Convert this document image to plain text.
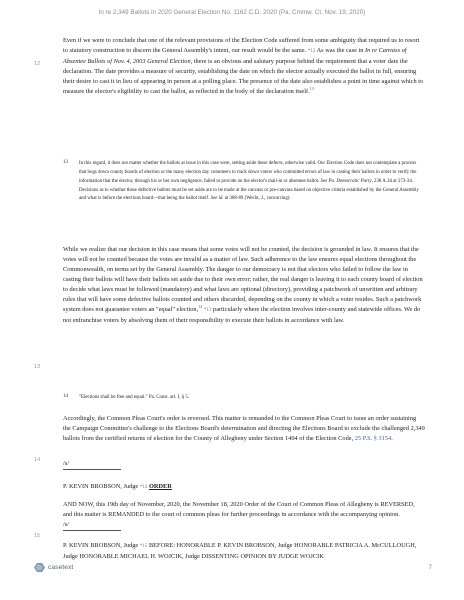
In re 2,349 Ballots in 2020 General Election No. 1162 C.D. 2020 (Pa. Cmmw. Ct. Nov. 19, 2020)
12
13
14
15
Even if we were to conclude that one of the relevant provisions of the Election Code suffered from some ambiguity that required us to resort to statutory construction to discern the General Assembly's intent, our result would be the same. *12 As was the case in In re Canvass of Absentee Ballots of Nov. 4, 2003 General Election, there is an obvious and salutary purpose behind the requirement that a voter date the declaration. The date provides a measure of security, establishing the date on which the elector actually executed the ballot in full, ensuring their desire to cast it in lieu of appearing in person at a polling place. The presence of the date also establishes a point in time against which to measure the elector's eligibility to cast the ballot, as reflected in the body of the declaration itself.$^{13}$
13 In this regard, it does not matter whether the ballots at issue in this case were, setting aside these defects, otherwise valid. Our Election Code does not contemplate a process that bogs down county boards of election or the many election day volunteers to track down voters who committed errors of law in casting their ballots in order to verify the information that the elector, through his or her own negligence, failed to provide on the elector's mail-in or absentee ballot. See Pa. Democratic Party, 238 A.3d at 373-34. Decisions as to whether these defective ballots must be set aside are to be made at the canvass or pre-canvass based on objective criteria established by the General Assembly and what is before the elections board—that being the ballot itself. See id. at 388-89 (Wecht, J., concurring).
While we realize that our decision in this case means that some votes will not be counted, the decision is grounded in law. It ensures that the votes will not be counted because the votes are invalid as a matter of law. Such adherence to the law ensures equal elections throughout the Commonwealth, on terms set by the General Assembly. The danger to our democracy is not that electors who failed to follow the law in casting their ballots will have their ballots set aside due to their own error; rather, the real danger is leaving it to each county board of election to decide what laws must be followed (mandatory) and what laws are optional (directory), providing a patchwork of unwritten and arbitrary rules that will have some defective ballots counted and others discarded, depending on the county in which a voter resides. Such a patchwork system does not guarantee voters an "equal" election,$^{14}$ *13 particularly where the election involves inter-county and statewide offices. We do not enfranchise voters by absolving them of their responsibility to execute their ballots in accordance with law.
14 "Elections shall be free and equal." Pa. Const. art. I, § 5.
Accordingly, the Common Pleas Court's order is reversed. This matter is remanded to the Common Pleas Court to issue an order sustaining the Campaign Committee's challenge to the Elections Board's determination and directing the Elections Board to exclude the challenged 2,349 ballots from the certified returns of election for the County of Allegheny under Section 1404 of the Election Code, 25 P.S. § 3154.
/s/
P. KEVIN BROBSON, Judge *14 ORDER
AND NOW, this 19th day of November, 2020, the November 18, 2020 Order of the Court of Common Pleas of Allegheny is REVERSED, and this matter is REMANDED to the court of common pleas for further proceedings in accordance with the accompanying opinion.
/s/
P. KEVIN BROBSON, Judge *15 BEFORE: HONORABLE P. KEVIN BROBSON, Judge HONORABLE PATRICIA A. McCULLOUGH, Judge HONORABLE MICHAEL H. WOJCIK, Judge DISSENTING OPINION BY JUDGE WOJCIK
casetext	7
